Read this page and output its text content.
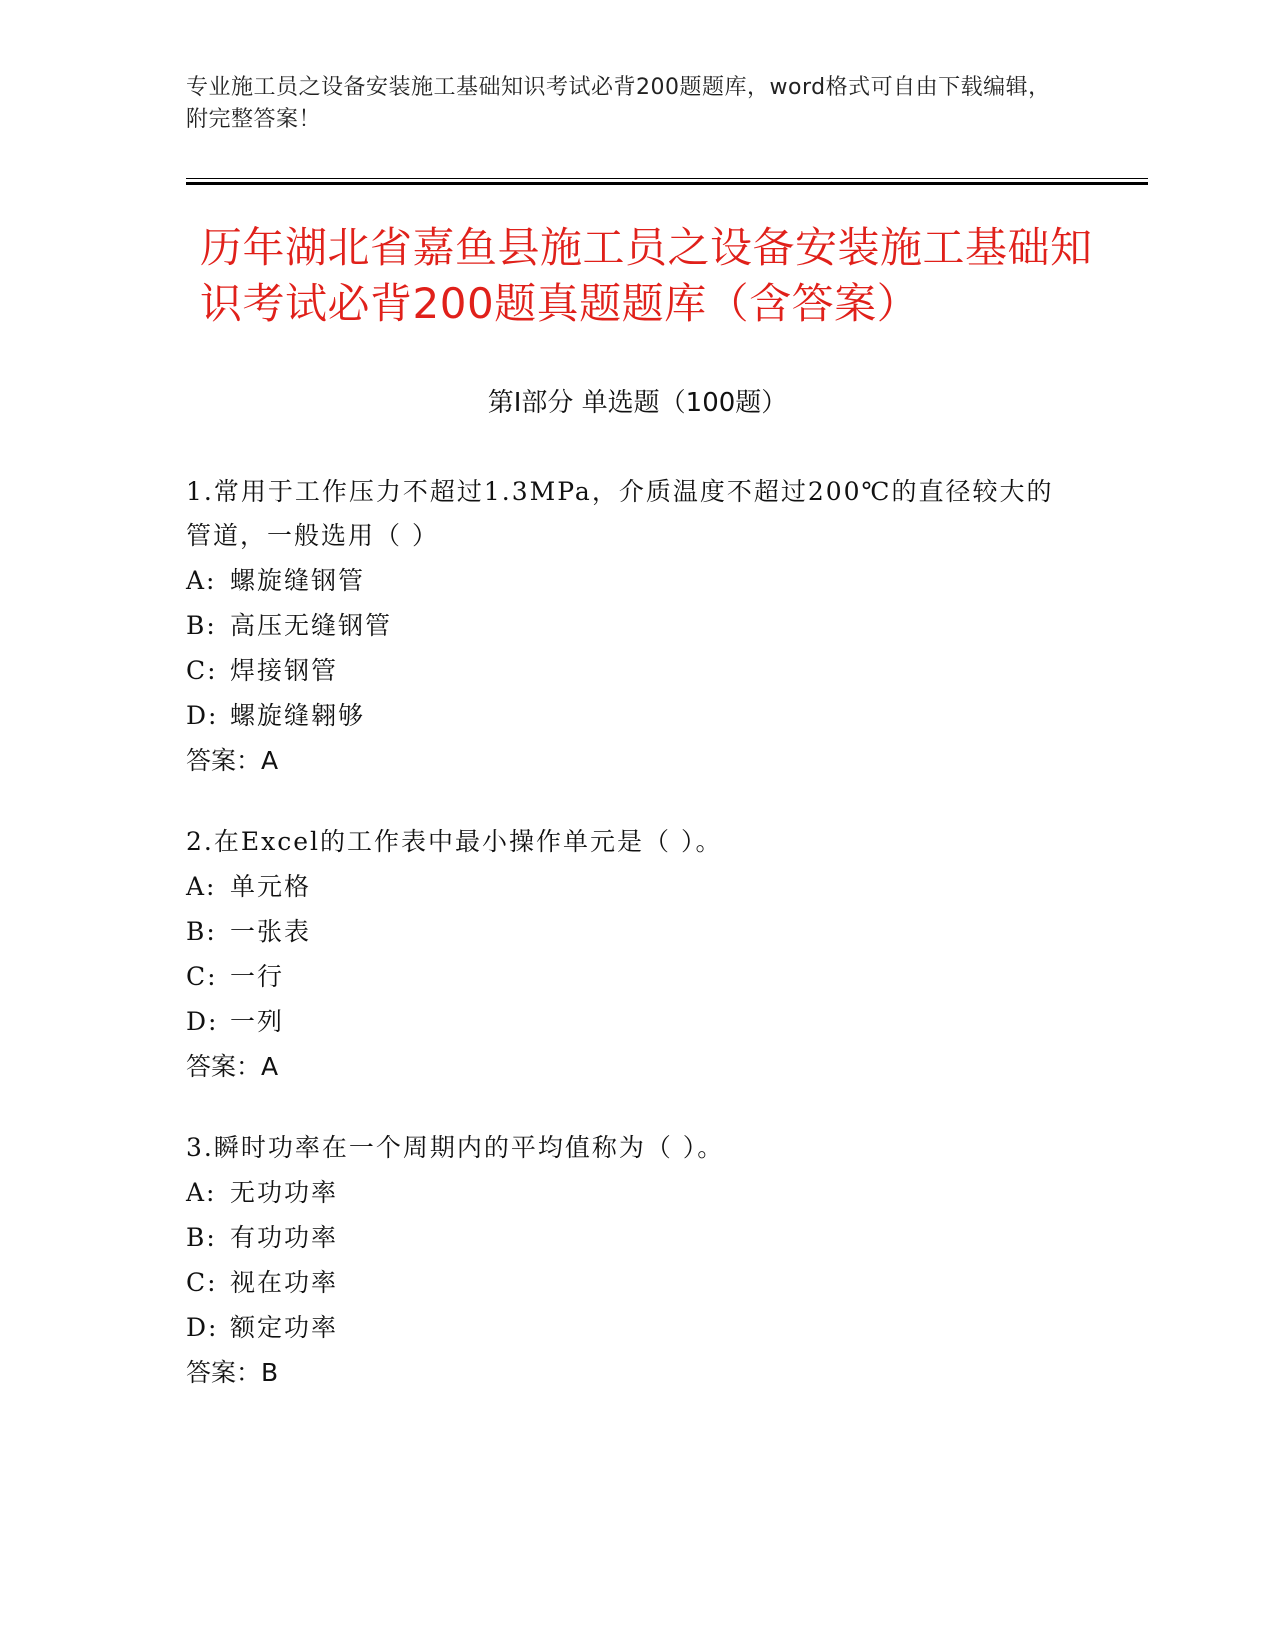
专业施工员之设备安装施工基础知识考试必背200题题库，word格式可自由下载编辑，附完整答案！
历年湖北省嘉鱼县施工员之设备安装施工基础知识考试必背200题真题题库（含答案）
第Ⅰ部分 单选题（100题）
1.常用于工作压力不超过1.3MPa，介质温度不超过200℃的直径较大的管道，一般选用（ ）
A: 螺旋缝钢管
B: 高压无缝钢管
C: 焊接钢管
D: 螺旋缝翱够
答案：A
2.在Excel的工作表中最小操作单元是（ ）。
A: 单元格
B: 一张表
C: 一行
D: 一列
答案：A
3.瞬时功率在一个周期内的平均值称为（ ）。
A: 无功功率
B: 有功功率
C: 视在功率
D: 额定功率
答案：B
